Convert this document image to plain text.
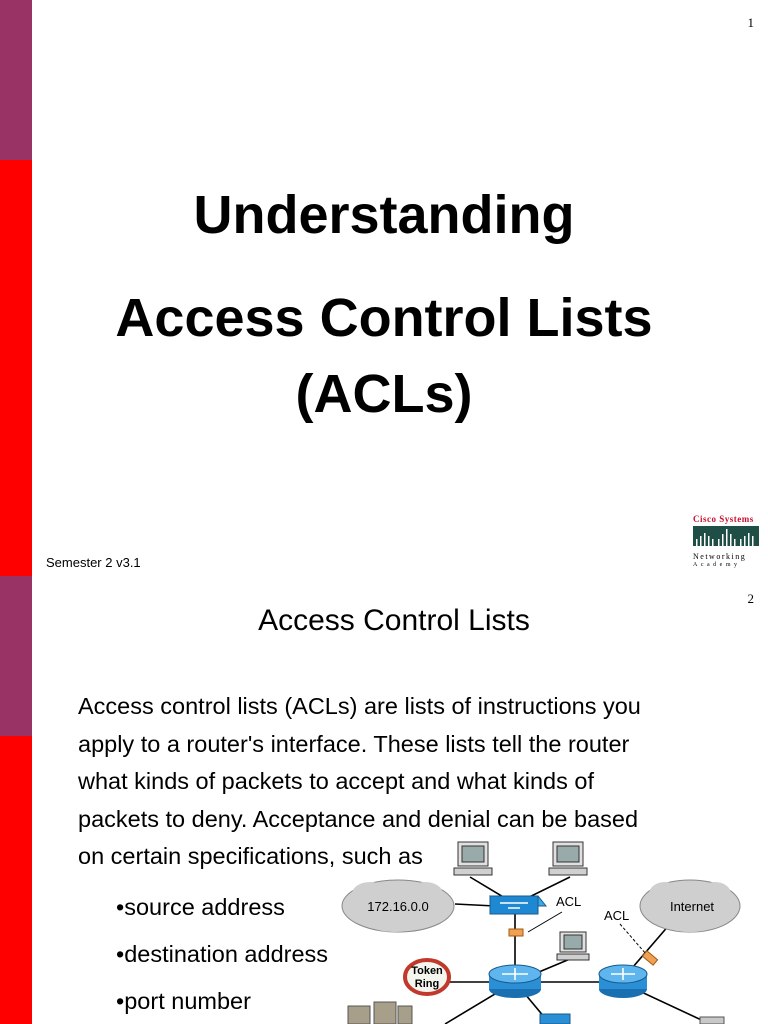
1
Understanding
Access Control Lists
(ACLs)
Semester 2 v3.1
Cisco Systems
Networking
Academy
2
Access Control Lists
Access control lists (ACLs) are lists of instructions you
apply to a router's interface. These lists tell the router
what kinds of packets to accept and what kinds of
packets to deny. Acceptance and denial can be based
on certain specifications, such as
•source address
•destination address
•port number
172.16.0.0	Internet
ACL
ACL
Token
Ring
